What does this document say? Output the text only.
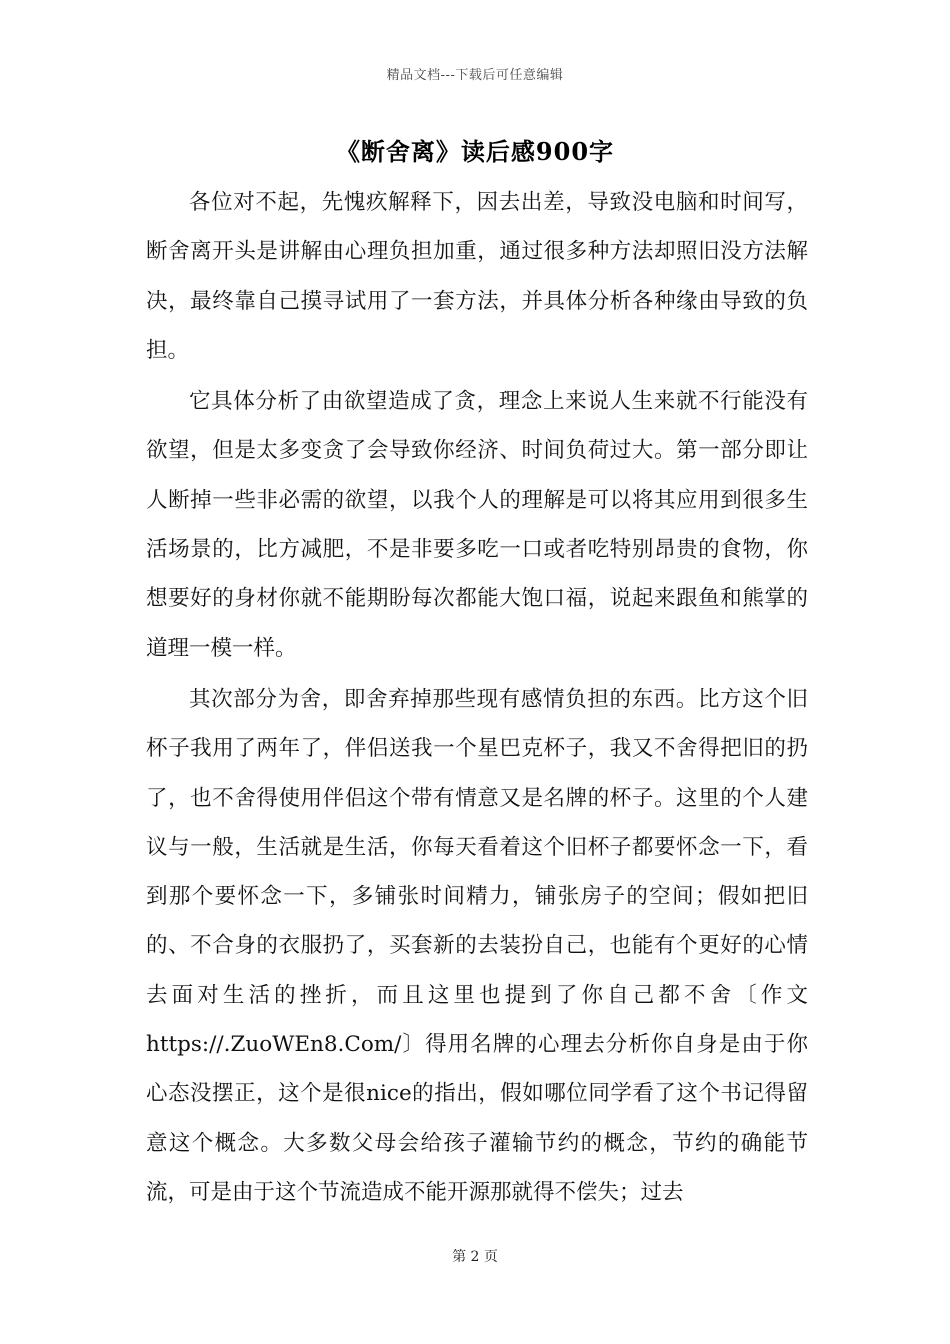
精品文档---下载后可任意编辑
《断舍离》读后感900字

各位对不起，先愧疚解释下，因去出差，导致没电脑和时间写，断舍离开头是讲解由心理负担加重，通过很多种方法却照旧没方法解决，最终靠自己摸寻试用了一套方法，并具体分析各种缘由导致的负担。

它具体分析了由欲望造成了贪，理念上来说人生来就不行能没有欲望，但是太多变贪了会导致你经济、时间负荷过大。第一部分即让人断掉一些非必需的欲望，以我个人的理解是可以将其应用到很多生活场景的，比方减肥，不是非要多吃一口或者吃特别昂贵的食物，你想要好的身材你就不能期盼每次都能大饱口福，说起来跟鱼和熊掌的道理一模一样。

其次部分为舍，即舍弃掉那些现有感情负担的东西。比方这个旧杯子我用了两年了，伴侣送我一个星巴克杯子，我又不舍得把旧的扔了，也不舍得使用伴侣这个带有情意又是名牌的杯子。这里的个人建议与一般，生活就是生活，你每天看着这个旧杯子都要怀念一下，看到那个要怀念一下，多铺张时间精力，铺张房子的空间；假如把旧的、不合身的衣服扔了，买套新的去装扮自己，也能有个更好的心情去面对生活的挫折，而且这里也提到了你自己都不舍〔作文https://.ZuoWEn8.Com/〕得用名牌的心理去分析你自身是由于你心态没摆正，这个是很nice的指出，假如哪位同学看了这个书记得留意这个概念。大多数父母会给孩子灌输节约的概念，节约的确能节流，可是由于这个节流造成不能开源那就得不偿失；过去

第 2 页
